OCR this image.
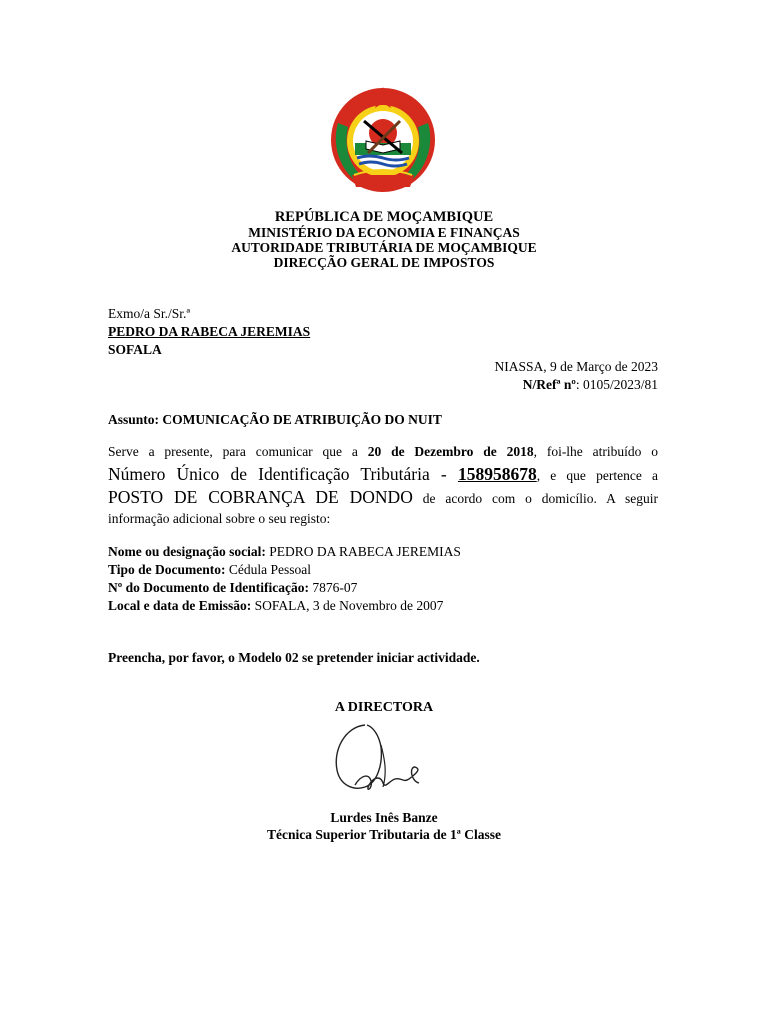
REPÚBLICA DE MOÇAMBIQUE
MINISTÉRIO DA ECONOMIA E FINANÇAS
AUTORIDADE TRIBUTÁRIA DE MOÇAMBIQUE
DIRECÇÃO GERAL DE IMPOSTOS
Exmo/a Sr./Sr.ª
PEDRO DA RABECA JEREMIAS
SOFALA
NIASSA, 9 de Março de 2023
N/Refª nº: 0105/2023/81
Assunto: COMUNICAÇÃO DE ATRIBUIÇÃO DO NUIT
Serve a presente, para comunicar que a 20 de Dezembro de 2018, foi-lhe atribuído o
Número Único de Identificação Tributária - 158958678, e que pertence a
POSTO DE COBRANÇA DE DONDO de acordo com o domicílio. A seguir
informação adicional sobre o seu registo:
Nome ou designação social: PEDRO DA RABECA JEREMIAS
Tipo de Documento: Cédula Pessoal
Nº do Documento de Identificação: 7876-07
Local e data de Emissão: SOFALA, 3 de Novembro de 2007
Preencha, por favor, o Modelo 02 se pretender iniciar actividade.
A DIRECTORA
Lurdes Inês Banze
Técnica Superior Tributaria de 1ª Classe
